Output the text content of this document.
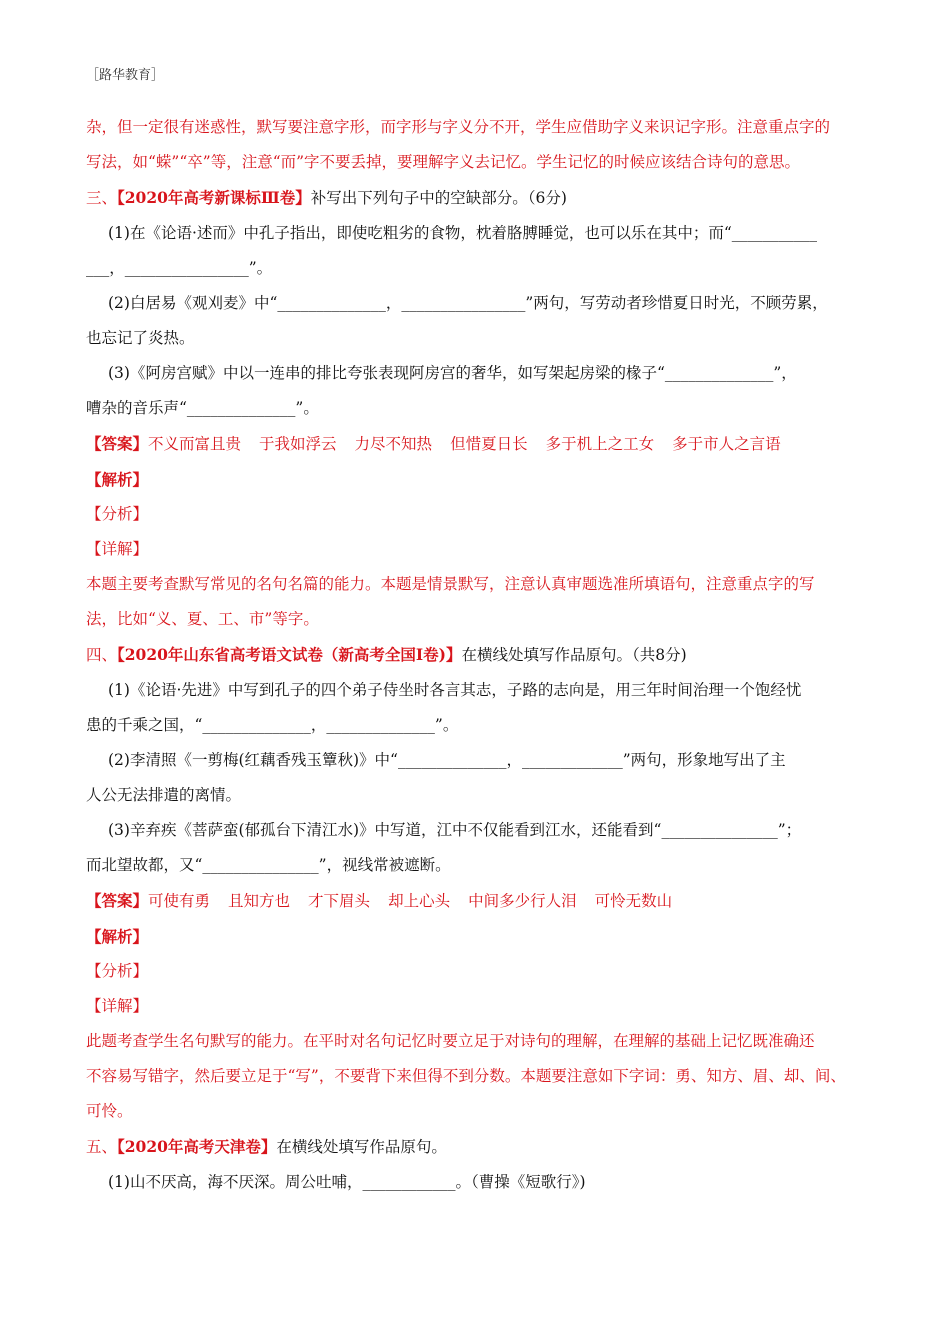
［路华教育］

杂，但一定很有迷惑性，默写要注意字形，而字形与字义分不开，学生应借助字义来识记字形。注意重点字的

写法，如“蝾”“卒”等，注意“而”字不要丢掉，要理解字义去记忆。学生记忆的时候应该结合诗句的意思。

三、【2020年高考新课标Ⅲ卷】补写出下列句子中的空缺部分。（6分)

(1)在《论语·述而》中孔子指出，即使吃粗劣的食物，枕着胳膊睡觉，也可以乐在其中；而“___________

___，________________”。

(2)白居易《观刈麦》中“______________，________________”两句，写劳动者珍惜夏日时光，不顾劳累，

也忘记了炎热。

(3)《阿房宫赋》中以一连串的排比夸张表现阿房宫的奢华，如写架起房梁的椽子“______________”，

嘈杂的音乐声“______________”。

【答案】不义而富且贵 于我如浮云 力尽不知热 但惜夏日长 多于机上之工女 多于市人之言语

【解析】

【分析】

【详解】

本题主要考查默写常见的名句名篇的能力。本题是情景默写，注意认真审题选准所填语句，注意重点字的写

法，比如“义、夏、工、市”等字。

四、【2020年山东省高考语文试卷（新高考全国Ⅰ卷)】在横线处填写作品原句。（共8分)

(1)《论语·先进》中写到孔子的四个弟子侍坐时各言其志，子路的志向是，用三年时间治理一个饱经忧

患的千乘之国，“______________，______________”。

(2)李清照《一剪梅(红藕香残玉簟秋)》中“______________，_____________”两句，形象地写出了主

人公无法排遣的离情。

(3)辛弃疾《菩萨蛮(郁孤台下清江水)》中写道，江中不仅能看到江水，还能看到“_______________”；

而北望故都，又“_______________”，视线常被遮断。

【答案】可使有勇 且知方也 才下眉头 却上心头 中间多少行人泪 可怜无数山

【解析】

【分析】

【详解】

此题考查学生名句默写的能力。在平时对名句记忆时要立足于对诗句的理解，在理解的基础上记忆既准确还

不容易写错字，然后要立足于“写”，不要背下来但得不到分数。本题要注意如下字词：勇、知方、眉、却、间、

可怜。

五、【2020年高考天津卷】在横线处填写作品原句。

(1)山不厌高，海不厌深。周公吐哺，____________。（曹操《短歌行》)
